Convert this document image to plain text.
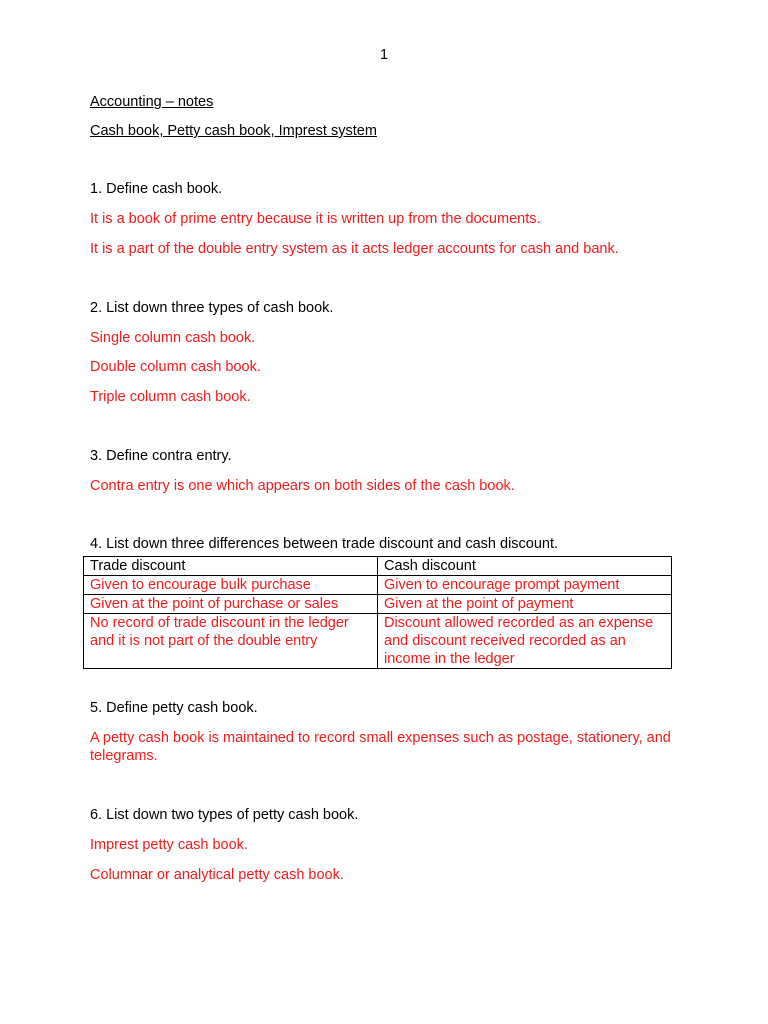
1

Accounting – notes

Cash book, Petty cash book, Imprest system

1. Define cash book.

It is a book of prime entry because it is written up from the documents.

It is a part of the double entry system as it acts ledger accounts for cash and bank.

2. List down three types of cash book.

Single column cash book.

Double column cash book.

Triple column cash book.

3. Define contra entry.

Contra entry is one which appears on both sides of the cash book.

4. List down three differences between trade discount and cash discount.

Trade discount	Cash discount
Given to encourage bulk purchase	Given to encourage prompt payment
Given at the point of purchase or sales	Given at the point of payment
No record of trade discount in the ledger and it is not part of the double entry	Discount allowed recorded as an expense and discount received recorded as an income in the ledger

5. Define petty cash book.

A petty cash book is maintained to record small expenses such as postage, stationery, and telegrams.

6. List down two types of petty cash book.

Imprest petty cash book.

Columnar or analytical petty cash book.
